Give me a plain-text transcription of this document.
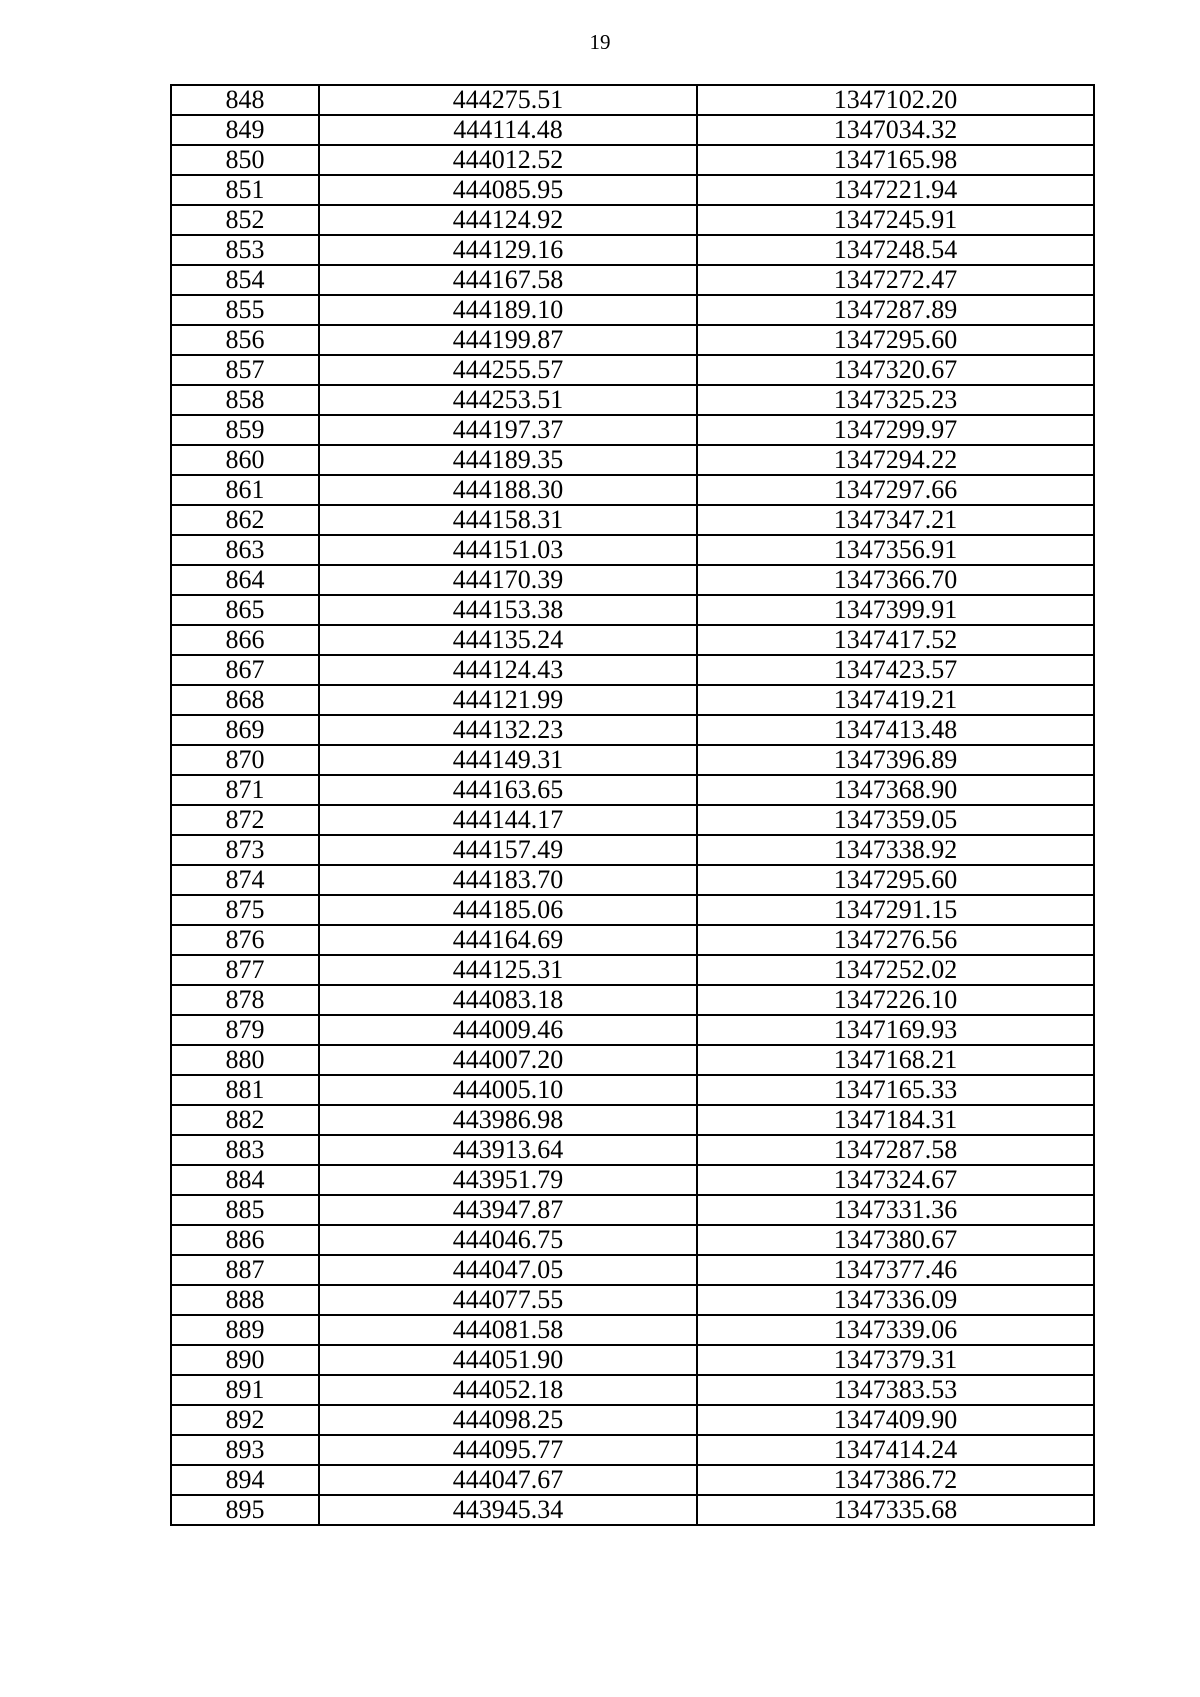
19
848	444275.51	1347102.20
849	444114.48	1347034.32
850	444012.52	1347165.98
851	444085.95	1347221.94
852	444124.92	1347245.91
853	444129.16	1347248.54
854	444167.58	1347272.47
855	444189.10	1347287.89
856	444199.87	1347295.60
857	444255.57	1347320.67
858	444253.51	1347325.23
859	444197.37	1347299.97
860	444189.35	1347294.22
861	444188.30	1347297.66
862	444158.31	1347347.21
863	444151.03	1347356.91
864	444170.39	1347366.70
865	444153.38	1347399.91
866	444135.24	1347417.52
867	444124.43	1347423.57
868	444121.99	1347419.21
869	444132.23	1347413.48
870	444149.31	1347396.89
871	444163.65	1347368.90
872	444144.17	1347359.05
873	444157.49	1347338.92
874	444183.70	1347295.60
875	444185.06	1347291.15
876	444164.69	1347276.56
877	444125.31	1347252.02
878	444083.18	1347226.10
879	444009.46	1347169.93
880	444007.20	1347168.21
881	444005.10	1347165.33
882	443986.98	1347184.31
883	443913.64	1347287.58
884	443951.79	1347324.67
885	443947.87	1347331.36
886	444046.75	1347380.67
887	444047.05	1347377.46
888	444077.55	1347336.09
889	444081.58	1347339.06
890	444051.90	1347379.31
891	444052.18	1347383.53
892	444098.25	1347409.90
893	444095.77	1347414.24
894	444047.67	1347386.72
895	443945.34	1347335.68
